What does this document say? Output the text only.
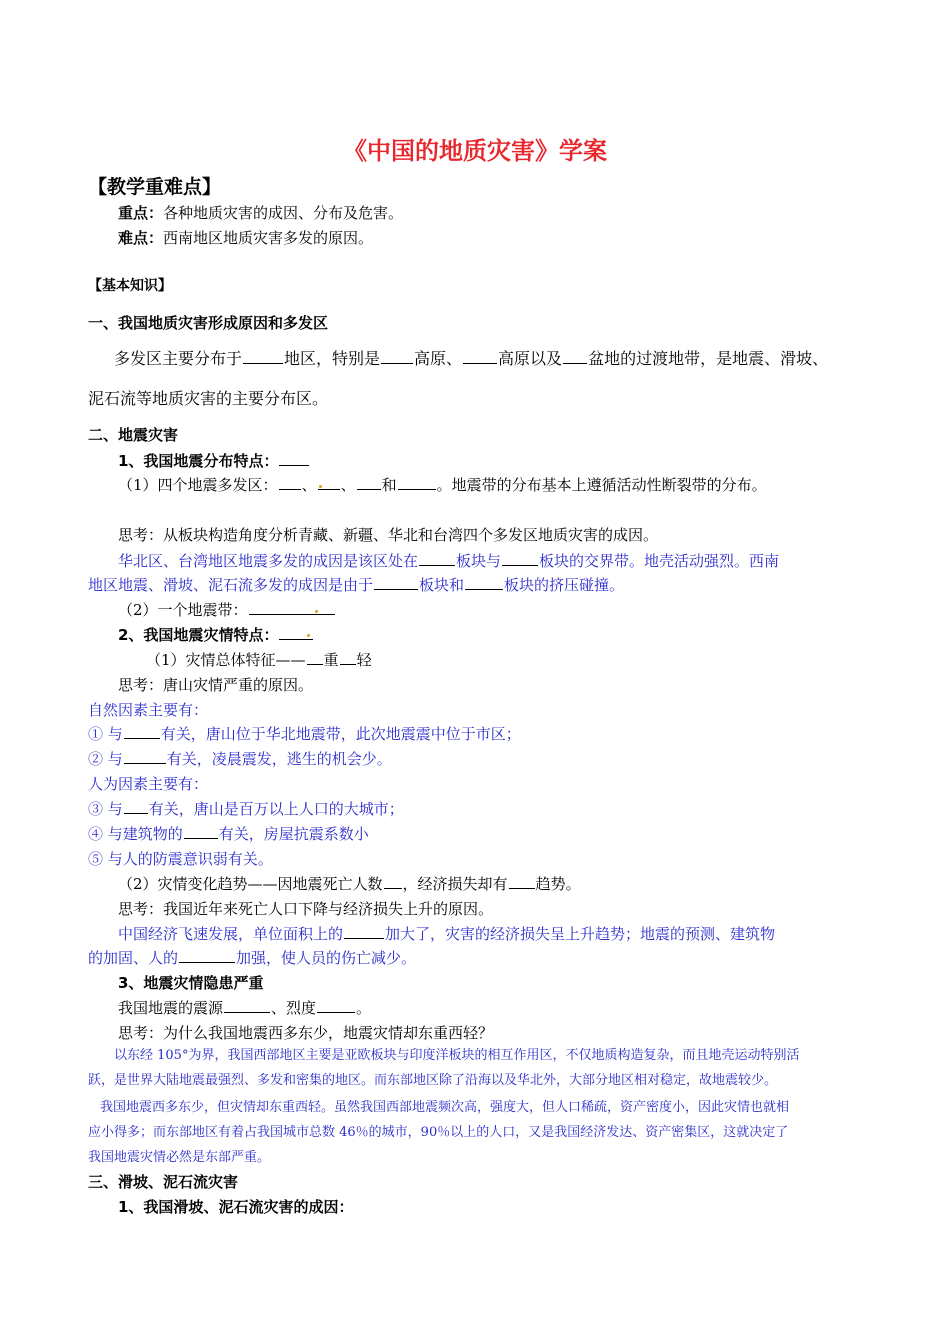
《中国的地质灾害》学案
【教学重难点】
重点：各种地质灾害的成因、分布及危害。
难点：西南地区地质灾害多发的原因。
【基本知识】
一、我国地质灾害形成原因和多发区
多发区主要分布于	地区，特别是 高原、 高原以及 盆地的过渡地带，是地震、滑坡、
泥石流等地质灾害的主要分布区。
二、地震灾害
1、我国地震分布特点：
（1）四个地震多发区： 、 、 和	。地震带的分布基本上遵循活动性断裂带的分布。
思考：从板块构造角度分析青藏、新疆、华北和台湾四个多发区地质灾害的成因。
华北区、台湾地区地震多发的成因是该区处在	板块与	板块的交界带。地壳活动强烈。西南
地区地震、滑坡、泥石流多发的成因是由于	板块和	板块的挤压碰撞。
（2）一个地震带：
2、我国地震灾情特点：
（1）灾情总体特征—— 重 轻
思考：唐山灾情严重的原因。
自然因素主要有：
① 与	有关，唐山位于华北地震带，此次地震震中位于市区；
② 与	有关，凌晨震发，逃生的机会少。
人为因素主要有：
③ 与 有关，唐山是百万以上人口的大城市；
④ 与建筑物的 有关，房屋抗震系数小
⑤ 与人的防震意识弱有关。
（2）灾情变化趋势——因地震死亡人数 ，经济损失却有 趋势。
思考：我国近年来死亡人口下降与经济损失上升的原因。
中国经济飞速发展，单位面积上的	加大了，灾害的经济损失呈上升趋势；地震的预测、建筑物
的加固、人的	加强，使人员的伤亡减少。
3、地震灾情隐患严重
我国地震的震源	、烈度	。
思考：为什么我国地震西多东少，地震灾情却东重西轻？
以东经 105°为界，我国西部地区主要是亚欧板块与印度洋板块的相互作用区，不仅地质构造复杂，而且地壳运动特别活
跃，是世界大陆地震最强烈、多发和密集的地区。而东部地区除了沿海以及华北外，大部分地区相对稳定，故地震较少。
我国地震西多东少，但灾情却东重西轻。虽然我国西部地震频次高，强度大，但人口稀疏，资产密度小，因此灾情也就相
应小得多；而东部地区有着占我国城市总数 46％的城市，90％以上的人口，又是我国经济发达、资产密集区，这就决定了
我国地震灾情必然是东部严重。
三、滑坡、泥石流灾害
1、我国滑坡、泥石流灾害的成因：
